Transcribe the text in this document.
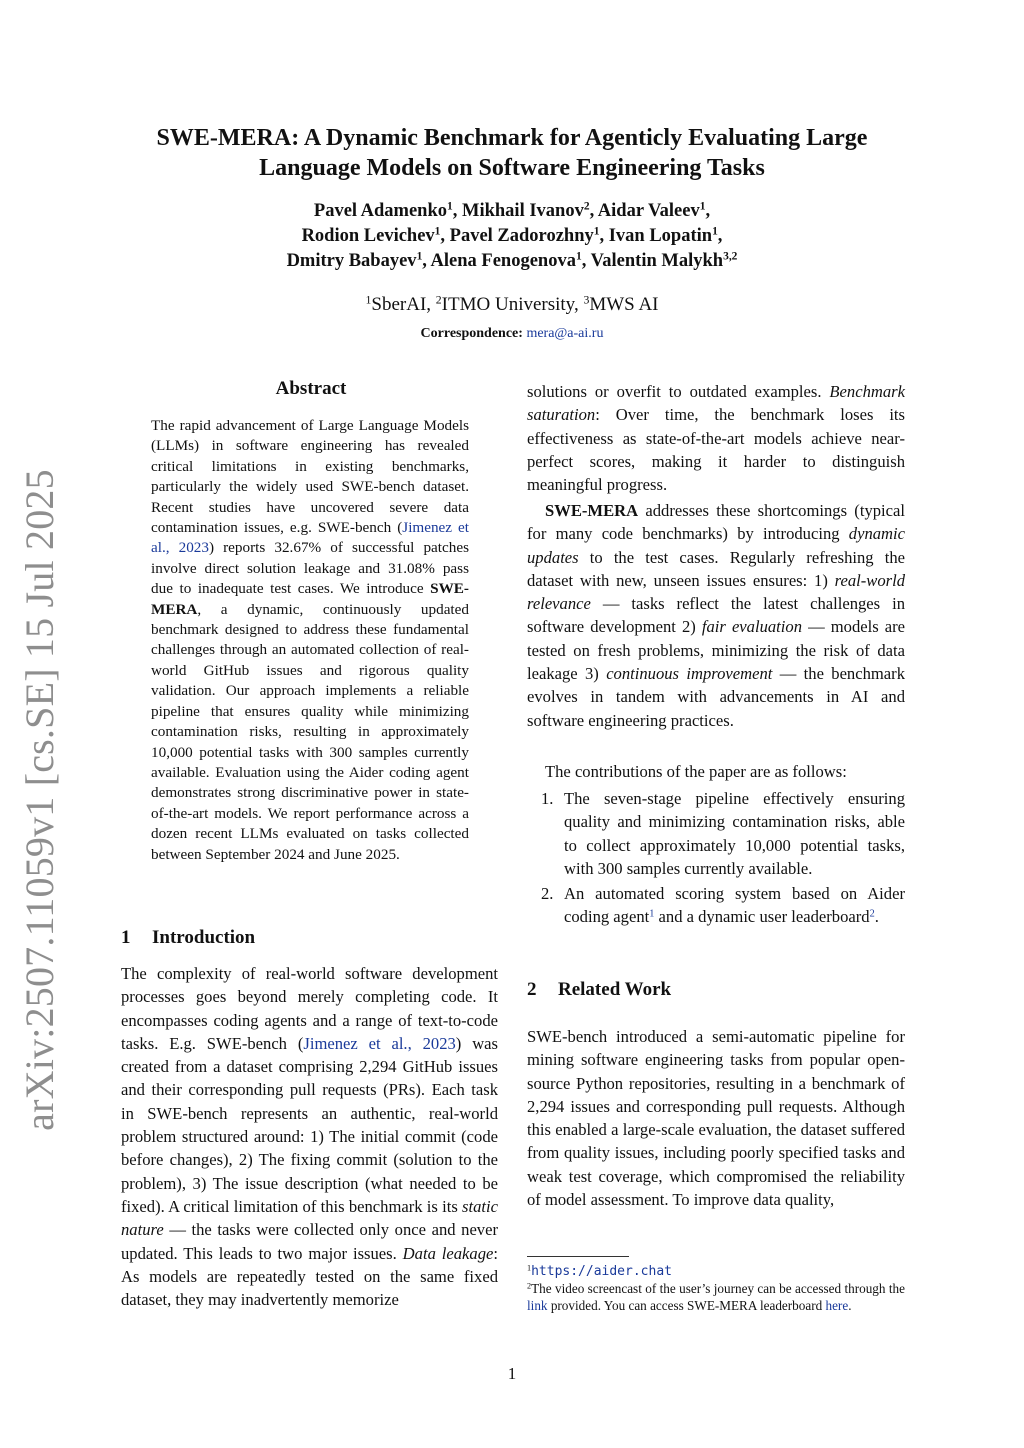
arXiv:2507.11059v1 [cs.SE] 15 Jul 2025
SWE-MERA: A Dynamic Benchmark for Agenticly Evaluating Large
Language Models on Software Engineering Tasks
Pavel Adamenko$^1$, Mikhail Ivanov$^2$, Aidar Valeev$^1$,
Rodion Levichev$^1$, Pavel Zadorozhny$^1$, Ivan Lopatin$^1$,
Dmitry Babayev$^1$, Alena Fenogenova$^1$, Valentin Malykh$^{3,2}$
$^1$SberAI, $^2$ITMO University, $^3$MWS AI
Correspondence: mera@a-ai.ru
Abstract

The rapid advancement of Large Language Models (LLMs) in software engineering has revealed critical limitations in existing benchmarks, particularly the widely used SWE-bench dataset. Recent studies have uncovered severe data contamination issues, e.g. SWE-bench (Jimenez et al., 2023) reports 32.67% of successful patches involve direct solution leakage and 31.08% pass due to inadequate test cases. We introduce SWE-MERA, a dynamic, continuously updated benchmark designed to address these fundamental challenges through an automated collection of real-world GitHub issues and rigorous quality validation. Our approach implements a reliable pipeline that ensures quality while minimizing contamination risks, resulting in approximately 10,000 potential tasks with 300 samples currently available. Evaluation using the Aider coding agent demonstrates strong discriminative power in state-of-the-art models. We report performance across a dozen recent LLMs evaluated on tasks collected between September 2024 and June 2025.

1 Introduction

The complexity of real-world software development processes goes beyond merely completing code. It encompasses coding agents and a range of text-to-code tasks. E.g. SWE-bench (Jimenez et al., 2023) was created from a dataset comprising 2,294 GitHub issues and their corresponding pull requests (PRs). Each task in SWE-bench represents an authentic, real-world problem structured around: 1) The initial commit (code before changes), 2) The fixing commit (solution to the problem), 3) The issue description (what needed to be fixed). A critical limitation of this benchmark is its static nature — the tasks were collected only once and never updated. This leads to two major issues. Data leakage: As models are repeatedly tested on the same fixed dataset, they may inadvertently memorize

solutions or overfit to outdated examples. Benchmark saturation: Over time, the benchmark loses its effectiveness as state-of-the-art models achieve near-perfect scores, making it harder to distinguish meaningful progress.

SWE-MERA addresses these shortcomings (typical for many code benchmarks) by introducing dynamic updates to the test cases. Regularly refreshing the dataset with new, unseen issues ensures: 1) real-world relevance — tasks reflect the latest challenges in software development 2) fair evaluation — models are tested on fresh problems, minimizing the risk of data leakage 3) continuous improvement — the benchmark evolves in tandem with advancements in AI and software engineering practices.

The contributions of the paper are as follows:

1. The seven-stage pipeline effectively ensuring quality and minimizing contamination risks, able to collect approximately 10,000 potential tasks, with 300 samples currently available.
2. An automated scoring system based on Aider coding agent$^1$ and a dynamic user leaderboard$^2$.
2 Related Work

SWE-bench introduced a semi-automatic pipeline for mining software engineering tasks from popular open-source Python repositories, resulting in a benchmark of 2,294 issues and corresponding pull requests. Although this enabled a large-scale evaluation, the dataset suffered from quality issues, including poorly specified tasks and weak test coverage, which compromised the reliability of model assessment. To improve data quality,

$^1$https://aider.chat

$^2$The video screencast of the user’s journey can be accessed through the link provided. You can access SWE-MERA leaderboard here.

1
